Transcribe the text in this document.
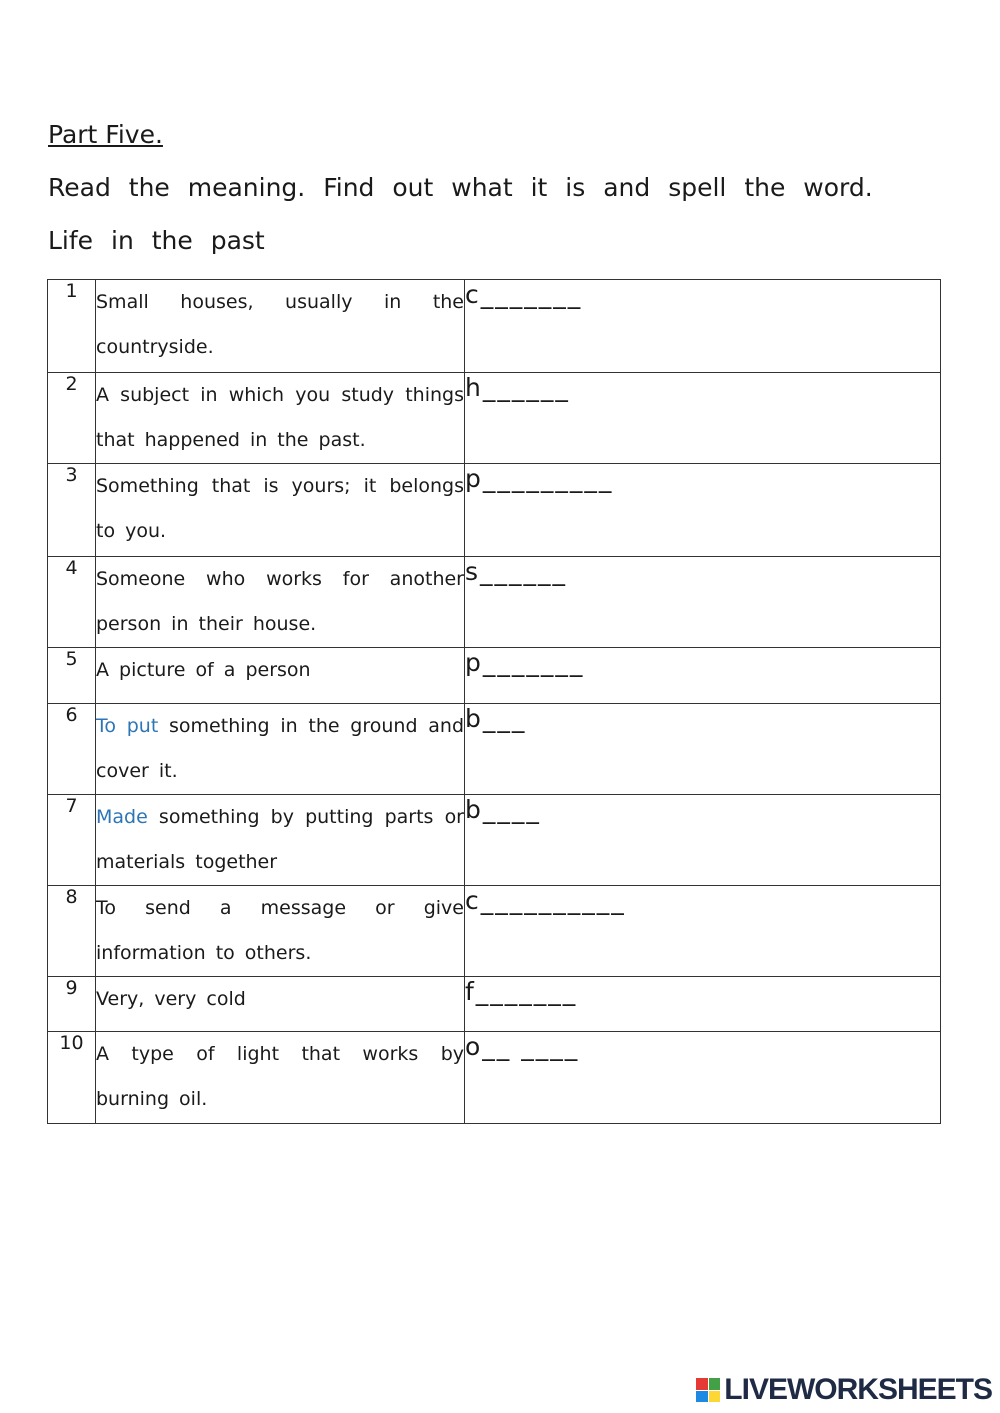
Part Five.

Read the meaning. Find out what it is and spell the word.

Life in the past

1	Small houses, usually in the countryside.	c_______
2	A subject in which you study things that happened in the past.	h______
3	Something that is yours; it belongs to you.	p_________
4	Someone who works for another person in their house.	s______
5	A picture of a person	p_______
6	To put something in the ground and cover it.	b___
7	Made something by putting parts or materials together	b____
8	To send a message or give information to others.	c__________
9	Very, very cold	f_______
10	A type of light that works by burning oil.	o__ ____
LIVEWORKSHEETS
